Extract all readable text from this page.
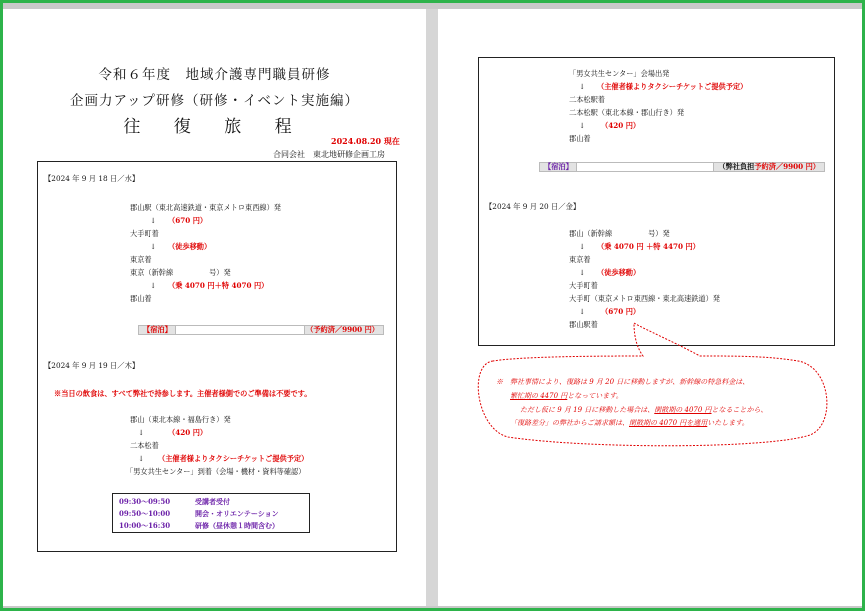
令和６年度　地域介護専門職員研修
企画力アップ研修（研修・イベント実施編）
往 復 旅 程
2024.08.20 現在
合同会社　東北地研修企画工房
【2024 年 9 月 18 日／水】
郡山駅（東北高速鉄道・東京メトロ東西線）発
↓ （670 円）
大手町着
↓ （徒歩移動）
東京着
東京（新幹線　　　　　号）発
↓ （乗 4070 円＋特 4070 円）
郡山着
【宿泊】	（予約済／9900 円）
【2024 年 9 月 19 日／木】
※当日の飲食は、すべて弊社で持参します。主催者様側でのご準備は不要です。
郡山（東北本線・福島行き）発
↓	（420 円）
二本松着
↓ （主催者様よりタクシーチケットご提供予定）
「男女共生センター」到着（会場・機材・資料等確認）
09:30〜09:50	受講者受付
09:50〜10:00	開会・オリエンテーション
10:00〜16:30	研修（昼休憩１時間含む）
「男女共生センター」会場出発
↓ （主催者様よりタクシーチケットご提供予定）
二本松駅着
二本松駅（東北本線・郡山行き）発
↓ （420 円）
郡山着
【宿泊】	（弊社負担予約済／9900 円）
【2024 年 9 月 20 日／金】
郡山（新幹線　　　　　号）発
↓ （乗 4070 円 ＋特 4470 円）
東京着
↓ （徒歩移動）
大手町着
大手町（東京メトロ東西線・東北高速鉄道）発
↓ （670 円）
郡山駅着
※　弊社事情により、復路は 9 月 20 日に移動しますが、新幹線の特急料金は、
繁忙期の 4470 円となっています。
ただし仮に 9 月 19 日に移動した場合は、閑散期の 4070 円となることから、
「復路差分」の弊社からご請求額は、閑散期の 4070 円を適用いたします。
